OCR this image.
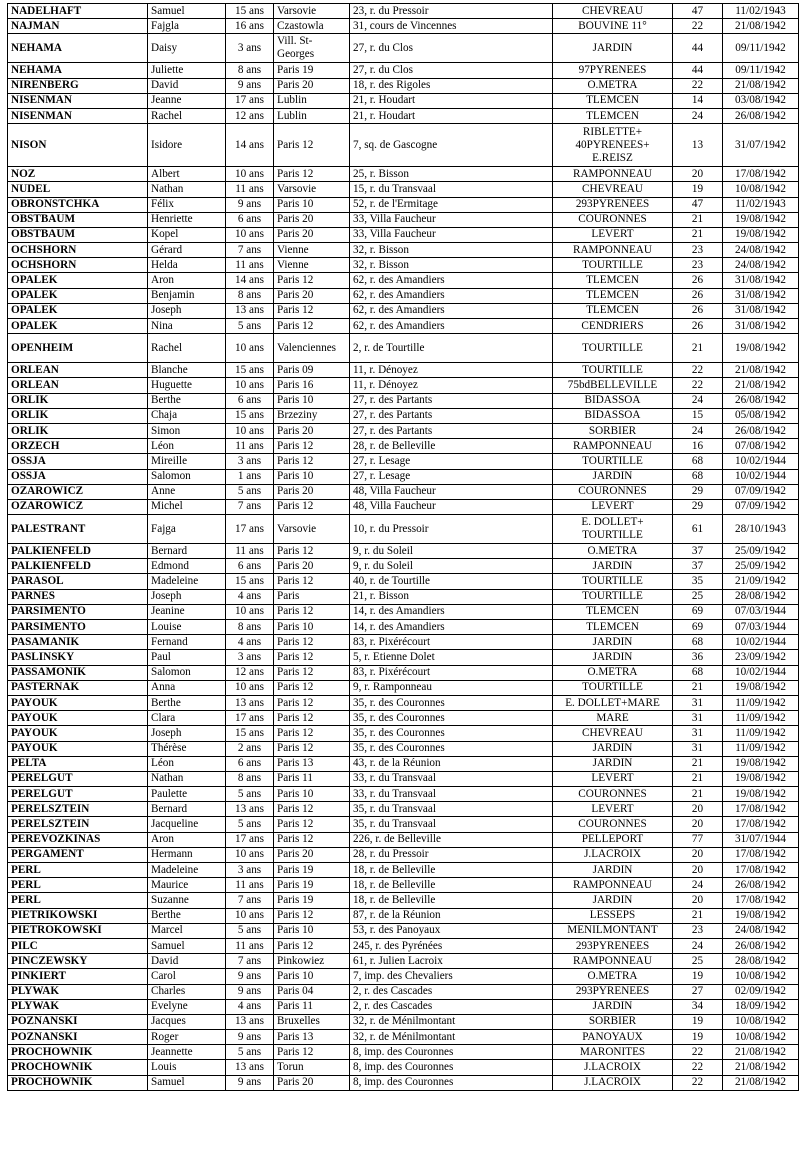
NADELHAFT	Samuel	15 ans	Varsovie	23, r. du Pressoir	CHEVREAU	47	11/02/1943
NAJMAN	Fajgla	16 ans	Czastowla	31, cours de Vincennes	BOUVINE 11°	22	21/08/1942
NEHAMA	Daisy	3 ans	Vill. St-Georges	27, r. du Clos	JARDIN	44	09/11/1942
NEHAMA	Juliette	8 ans	Paris 19	27, r. du Clos	97PYRENEES	44	09/11/1942
NIRENBERG	David	9 ans	Paris 20	18, r. des Rigoles	O.METRA	22	21/08/1942
NISENMAN	Jeanne	17 ans	Lublin	21, r. Houdart	TLEMCEN	14	03/08/1942
NISENMAN	Rachel	12 ans	Lublin	21, r. Houdart	TLEMCEN	24	26/08/1942
NISON	Isidore	14 ans	Paris 12	7, sq. de Gascogne	RIBLETTE+ 40PYRENEES+ E.REISZ	13	31/07/1942
NOZ	Albert	10 ans	Paris 12	25, r. Bisson	RAMPONNEAU	20	17/08/1942
NUDEL	Nathan	11 ans	Varsovie	15, r. du Transvaal	CHEVREAU	19	10/08/1942
OBRONSTCHKA	Félix	9 ans	Paris 10	52, r. de l'Ermitage	293PYRENEES	47	11/02/1943
OBSTBAUM	Henriette	6 ans	Paris 20	33, Villa Faucheur	COURONNES	21	19/08/1942
OBSTBAUM	Kopel	10 ans	Paris 20	33, Villa Faucheur	LEVERT	21	19/08/1942
OCHSHORN	Gérard	7 ans	Vienne	32, r. Bisson	RAMPONNEAU	23	24/08/1942
OCHSHORN	Helda	11 ans	Vienne	32, r. Bisson	TOURTILLE	23	24/08/1942
OPALEK	Aron	14 ans	Paris 12	62, r. des Amandiers	TLEMCEN	26	31/08/1942
OPALEK	Benjamin	8 ans	Paris 20	62, r. des Amandiers	TLEMCEN	26	31/08/1942
OPALEK	Joseph	13 ans	Paris 12	62, r. des Amandiers	TLEMCEN	26	31/08/1942
OPALEK	Nina	5 ans	Paris 12	62, r. des Amandiers	CENDRIERS	26	31/08/1942
OPENHEIM	Rachel	10 ans	Valenciennes	2, r. de Tourtille	TOURTILLE	21	19/08/1942
ORLEAN	Blanche	15 ans	Paris 09	11, r. Dénoyez	TOURTILLE	22	21/08/1942
ORLEAN	Huguette	10 ans	Paris 16	11, r. Dénoyez	75bdBELLEVILLE	22	21/08/1942
ORLIK	Berthe	6 ans	Paris 10	27, r. des Partants	BIDASSOA	24	26/08/1942
ORLIK	Chaja	15 ans	Brzeziny	27, r. des Partants	BIDASSOA	15	05/08/1942
ORLIK	Simon	10 ans	Paris 20	27, r. des Partants	SORBIER	24	26/08/1942
ORZECH	Léon	11 ans	Paris 12	28, r. de Belleville	RAMPONNEAU	16	07/08/1942
OSSJA	Mireille	3 ans	Paris 12	27, r. Lesage	TOURTILLE	68	10/02/1944
OSSJA	Salomon	1 ans	Paris 10	27, r. Lesage	JARDIN	68	10/02/1944
OZAROWICZ	Anne	5 ans	Paris 20	48, Villa Faucheur	COURONNES	29	07/09/1942
OZAROWICZ	Michel	7 ans	Paris 12	48, Villa Faucheur	LEVERT	29	07/09/1942
PALESTRANT	Fajga	17 ans	Varsovie	10, r. du Pressoir	E. DOLLET+ TOURTILLE	61	28/10/1943
PALKIENFELD	Bernard	11 ans	Paris 12	9, r. du Soleil	O.METRA	37	25/09/1942
PALKIENFELD	Edmond	6 ans	Paris 20	9, r. du Soleil	JARDIN	37	25/09/1942
PARASOL	Madeleine	15 ans	Paris 12	40, r. de Tourtille	TOURTILLE	35	21/09/1942
PARNES	Joseph	4 ans	Paris	21, r. Bisson	TOURTILLE	25	28/08/1942
PARSIMENTO	Jeanine	10 ans	Paris 12	14, r. des Amandiers	TLEMCEN	69	07/03/1944
PARSIMENTO	Louise	8 ans	Paris 10	14, r. des Amandiers	TLEMCEN	69	07/03/1944
PASAMANIK	Fernand	4 ans	Paris 12	83, r. Pixérécourt	JARDIN	68	10/02/1944
PASLINSKY	Paul	3 ans	Paris 12	5, r. Etienne Dolet	JARDIN	36	23/09/1942
PASSAMONIK	Salomon	12 ans	Paris 12	83, r. Pixérécourt	O.METRA	68	10/02/1944
PASTERNAK	Anna	10 ans	Paris 12	9, r. Ramponneau	TOURTILLE	21	19/08/1942
PAYOUK	Berthe	13 ans	Paris 12	35, r. des Couronnes	E. DOLLET+MARE	31	11/09/1942
PAYOUK	Clara	17 ans	Paris 12	35, r. des Couronnes	MARE	31	11/09/1942
PAYOUK	Joseph	15 ans	Paris 12	35, r. des Couronnes	CHEVREAU	31	11/09/1942
PAYOUK	Thérèse	2 ans	Paris 12	35, r. des Couronnes	JARDIN	31	11/09/1942
PELTA	Léon	6 ans	Paris 13	43, r. de la Réunion	JARDIN	21	19/08/1942
PERELGUT	Nathan	8 ans	Paris 11	33, r. du Transvaal	LEVERT	21	19/08/1942
PERELGUT	Paulette	5 ans	Paris 10	33, r. du Transvaal	COURONNES	21	19/08/1942
PERELSZTEIN	Bernard	13 ans	Paris 12	35, r. du Transvaal	LEVERT	20	17/08/1942
PERELSZTEIN	Jacqueline	5 ans	Paris 12	35, r. du Transvaal	COURONNES	20	17/08/1942
PEREVOZKINAS	Aron	17 ans	Paris 12	226, r. de Belleville	PELLEPORT	77	31/07/1944
PERGAMENT	Hermann	10 ans	Paris 20	28, r. du Pressoir	J.LACROIX	20	17/08/1942
PERL	Madeleine	3 ans	Paris 19	18, r. de Belleville	JARDIN	20	17/08/1942
PERL	Maurice	11 ans	Paris 19	18, r. de Belleville	RAMPONNEAU	24	26/08/1942
PERL	Suzanne	7 ans	Paris 19	18, r. de Belleville	JARDIN	20	17/08/1942
PIETRIKOWSKI	Berthe	10 ans	Paris 12	87, r. de la Réunion	LESSEPS	21	19/08/1942
PIETROKOWSKI	Marcel	5 ans	Paris 10	53, r. des Panoyaux	MENILMONTANT	23	24/08/1942
PILC	Samuel	11 ans	Paris 12	245, r. des Pyrénées	293PYRENEES	24	26/08/1942
PINCZEWSKY	David	7 ans	Pinkowiez	61, r. Julien Lacroix	RAMPONNEAU	25	28/08/1942
PINKIERT	Carol	9 ans	Paris 10	7, imp. des Chevaliers	O.METRA	19	10/08/1942
PLYWAK	Charles	9 ans	Paris 04	2, r. des Cascades	293PYRENEES	27	02/09/1942
PLYWAK	Evelyne	4 ans	Paris 11	2, r. des Cascades	JARDIN	34	18/09/1942
POZNANSKI	Jacques	13 ans	Bruxelles	32, r. de Ménilmontant	SORBIER	19	10/08/1942
POZNANSKI	Roger	9 ans	Paris 13	32, r. de Ménilmontant	PANOYAUX	19	10/08/1942
PROCHOWNIK	Jeannette	5 ans	Paris 12	8, imp. des Couronnes	MARONITES	22	21/08/1942
PROCHOWNIK	Louis	13 ans	Torun	8, imp. des Couronnes	J.LACROIX	22	21/08/1942
PROCHOWNIK	Samuel	9 ans	Paris 20	8, imp. des Couronnes	J.LACROIX	22	21/08/1942
